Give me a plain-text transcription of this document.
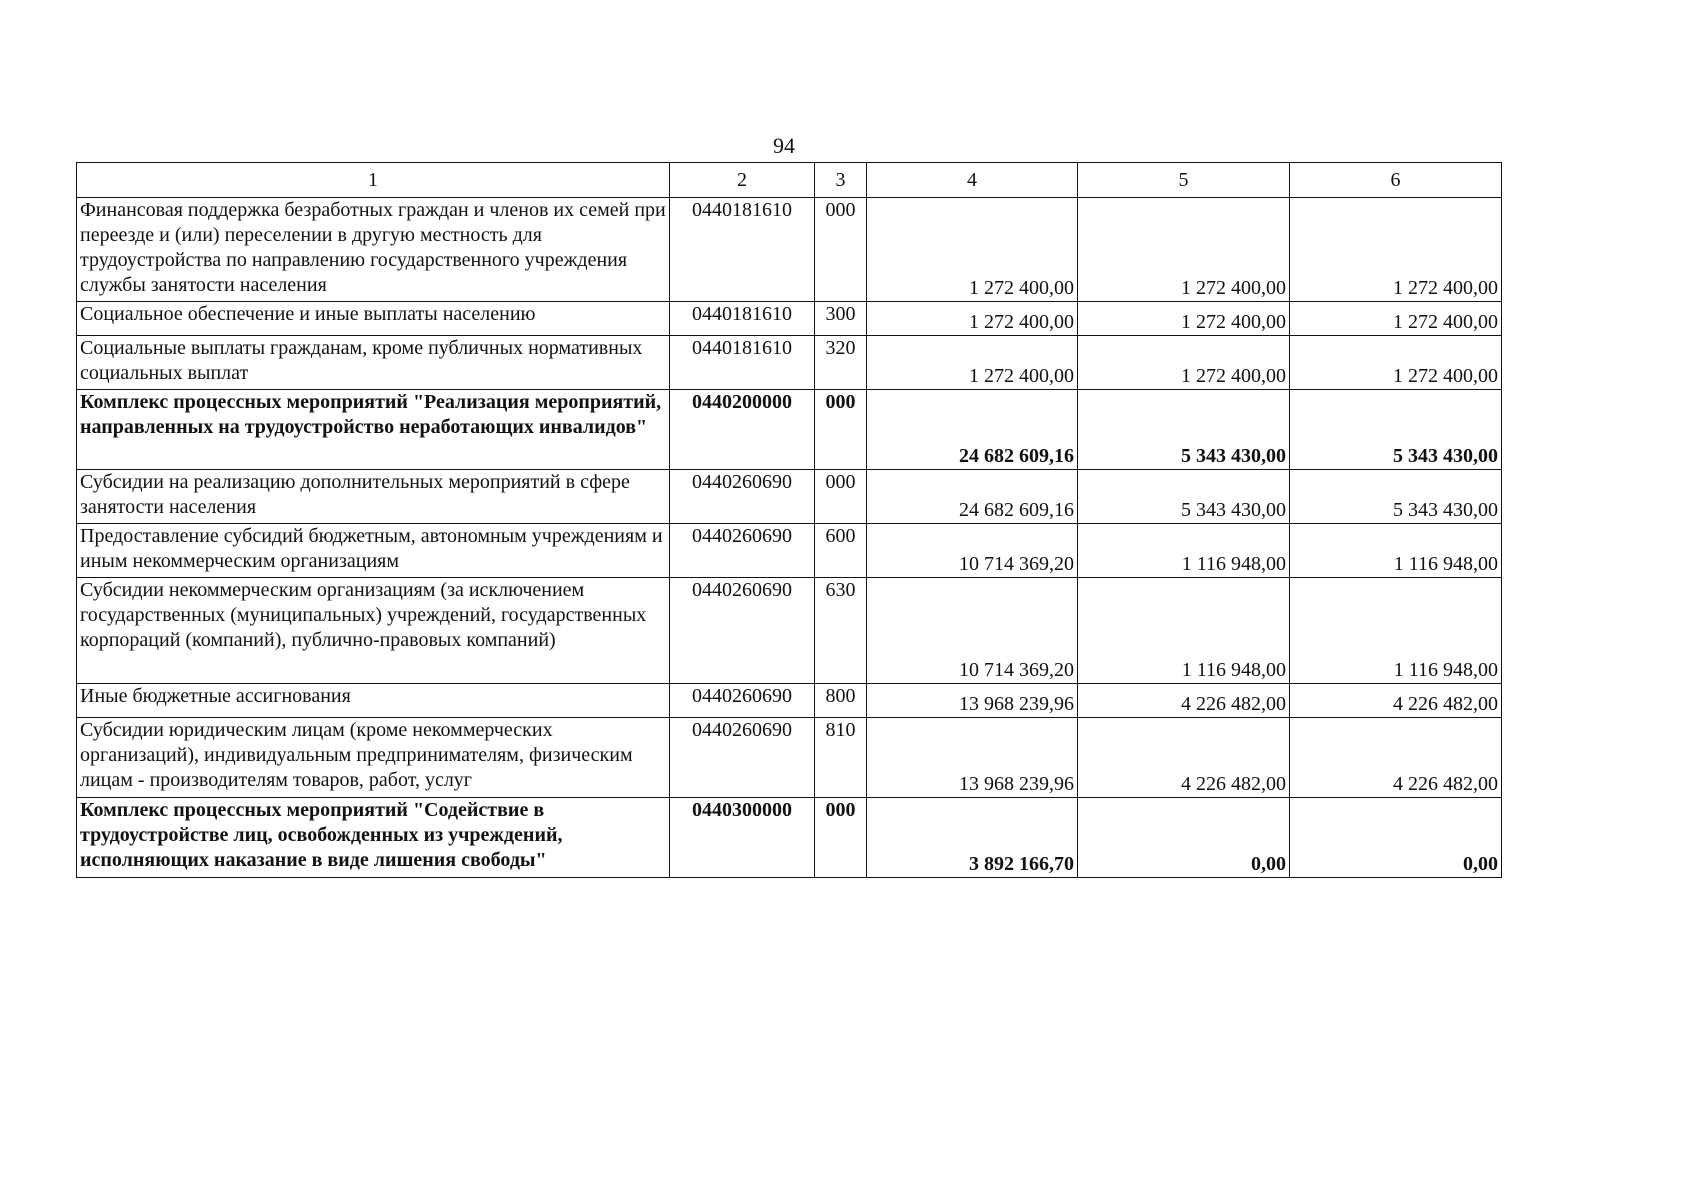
94
1	2	3	4	5	6
Финансовая поддержка безработных граждан и членов их семей при переезде и (или) переселении в другую местность для трудоустройства по направлению государственного учреждения службы занятости населения	0440181610	000	1 272 400,00	1 272 400,00	1 272 400,00
Социальное обеспечение и иные выплаты населению	0440181610	300	1 272 400,00	1 272 400,00	1 272 400,00
Социальные выплаты гражданам, кроме публичных нормативных социальных выплат	0440181610	320	1 272 400,00	1 272 400,00	1 272 400,00
Комплекс процессных мероприятий "Реализация мероприятий, направленных на трудоустройство неработающих инвалидов"	0440200000	000	24 682 609,16	5 343 430,00	5 343 430,00
Субсидии на реализацию дополнительных мероприятий в сфере занятости населения	0440260690	000	24 682 609,16	5 343 430,00	5 343 430,00
Предоставление субсидий бюджетным, автономным учреждениям и иным некоммерческим организациям	0440260690	600	10 714 369,20	1 116 948,00	1 116 948,00
Субсидии некоммерческим организациям (за исключением государственных (муниципальных) учреждений, государственных корпораций (компаний), публично-правовых компаний)	0440260690	630	10 714 369,20	1 116 948,00	1 116 948,00
Иные бюджетные ассигнования	0440260690	800	13 968 239,96	4 226 482,00	4 226 482,00
Субсидии юридическим лицам (кроме некоммерческих организаций), индивидуальным предпринимателям, физическим лицам - производителям товаров, работ, услуг	0440260690	810	13 968 239,96	4 226 482,00	4 226 482,00
Комплекс процессных мероприятий "Содействие в трудоустройстве лиц, освобожденных из учреждений, исполняющих наказание в виде лишения свободы"	0440300000	000	3 892 166,70	0,00	0,00
